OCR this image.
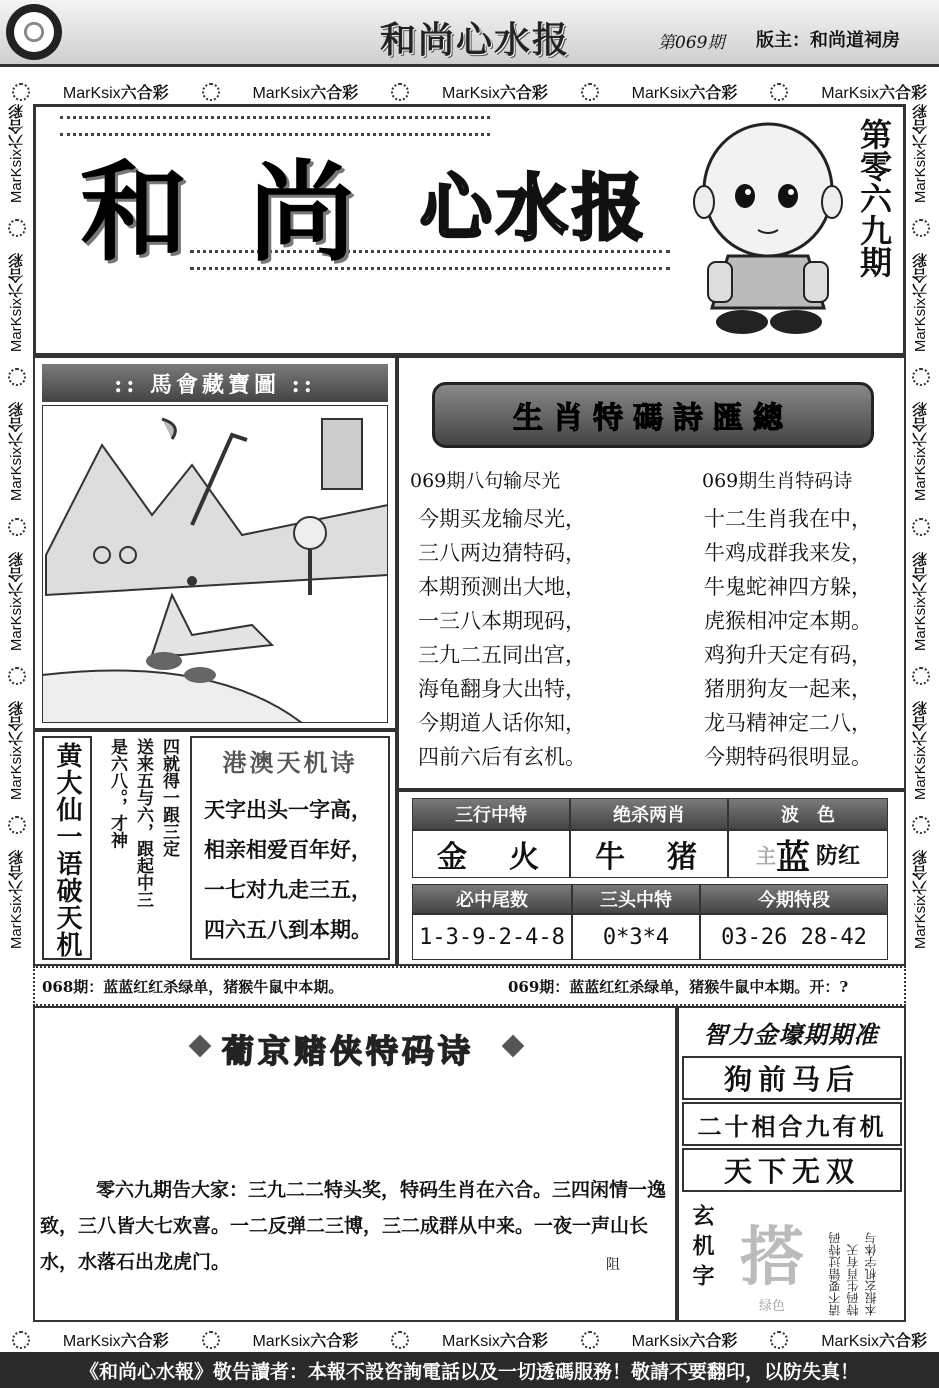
和尚心水报	第069期 版主：和尚道祠房
MarKsix六合彩	MarKsix六合彩	MarKsix六合彩	MarKsix六合彩	MarKsix六合彩
MarKsix六合彩
MarKsix六合彩
MarKsix六合彩
MarKsix六合彩
MarKsix六合彩
MarKsix六合彩
MarKsix六合彩
MarKsix六合彩
MarKsix六合彩
MarKsix六合彩
MarKsix六合彩
MarKsix六合彩
MarKsix六合彩	MarKsix六合彩	MarKsix六合彩	MarKsix六合彩	MarKsix六合彩
和尚 心水报	第零六九期
:: 馬會藏寶圖 ::
生肖特碼詩匯總
069期八句输尽光
今期买龙输尽光，
三八两边猜特码，
本期预测出大地，
一三八本期现码，
三九二五同出宫，
海龟翻身大出特，
今期道人话你知，
四前六后有玄机。
069期生肖特码诗
十二生肖我在中，
牛鸡成群我来发，
牛鬼蛇神四方躲，
虎猴相冲定本期。
鸡狗升天定有码，
猪朋狗友一起来，
龙马精神定二八，
今期特码很明显。
黄大仙一语破天机	四就得一跟三定
送来五与六，跟起中三
是六八。，才神
港澳天机诗
天字出头一字高，
相亲相爱百年好，
一七对九走三五，
四六五八到本期。
三行中特	绝杀两肖	波　色
金　火	牛　猪	主 蓝 防红
必中尾数	三头中特	今期特段
1-3-9-2-4-8	0*3*4	03-26 28-42
068期：蓝蓝红红杀绿单，猪猴牛鼠中本期。	069期：蓝蓝红红杀绿单，猪猴牛鼠中本期。开：?
葡京赌侠特码诗
零六九期告大家：三九二二特头奖，特码生肖在六合。三四闲情一逸致，三八皆大七欢喜。一二反弹二三博，三二成群从中来。一夜一声山长水，水落石出龙虎门。	阻
智力金壕期期准
狗前马后
二十相合九有机
天下无双
玄机字 搭
绿色	请不要错过特码 特码生肖有天 本报玄机字体与
《和尚心水報》敬告讀者：本報不設咨詢電話以及一切透碼服務！敬請不要翻印，以防失真！
